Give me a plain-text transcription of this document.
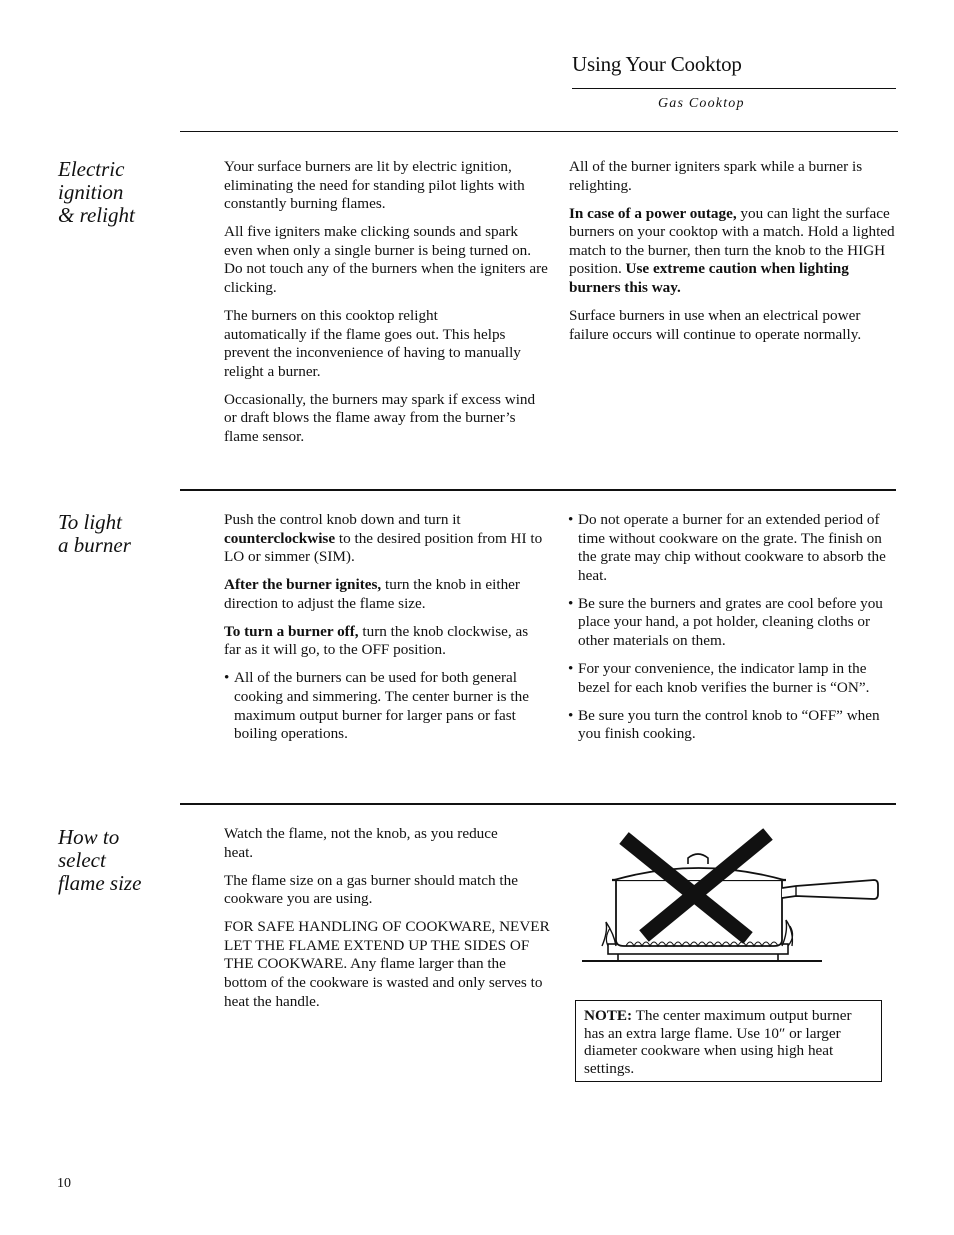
Using Your Cooktop
Gas Cooktop
Electric
ignition
& relight

Your surface burners are lit by electric ignition, eliminating the need for standing pilot lights with constantly burning flames.

All five igniters make clicking sounds and spark even when only a single burner is being turned on. Do not touch any of the burners when the igniters are clicking.

The burners on this cooktop relight automatically if the flame goes out. This helps prevent the inconvenience of having to manually relight a burner.

Occasionally, the burners may spark if excess wind or draft blows the flame away from the burner’s flame sensor.

All of the burner igniters spark while a burner is relighting.

In case of a power outage, you can light the surface burners on your cooktop with a match. Hold a lighted match to the burner, then turn the knob to the HIGH position. Use extreme caution when lighting burners this way.

Surface burners in use when an electrical power failure occurs will continue to operate normally.

To light
a burner

Push the control knob down and turn it counterclockwise to the desired position from HI to LO or simmer (SIM).

After the burner ignites, turn the knob in either direction to adjust the flame size.

To turn a burner off, turn the knob clockwise, as far as it will go, to the OFF position.

• All of the burners can be used for both general cooking and simmering. The center burner is the maximum output burner for larger pans or fast boiling operations.

• Do not operate a burner for an extended period of time without cookware on the grate. The finish on the grate may chip without cookware to absorb the heat.

• Be sure the burners and grates are cool before you place your hand, a pot holder, cleaning cloths or other materials on them.

• For your convenience, the indicator lamp in the bezel for each knob verifies the burner is “ON”.

• Be sure you turn the control knob to “OFF” when you finish cooking.

How to
select
flame size

Watch the flame, not the knob, as you reduce heat.

The flame size on a gas burner should match the cookware you are using.

FOR SAFE HANDLING OF COOKWARE, NEVER LET THE FLAME EXTEND UP THE SIDES OF THE COOKWARE. Any flame larger than the bottom of the cookware is wasted and only serves to heat the handle.

NOTE: The center maximum output burner has an extra large flame. Use 10″ or larger diameter cookware when using high heat settings.
10
